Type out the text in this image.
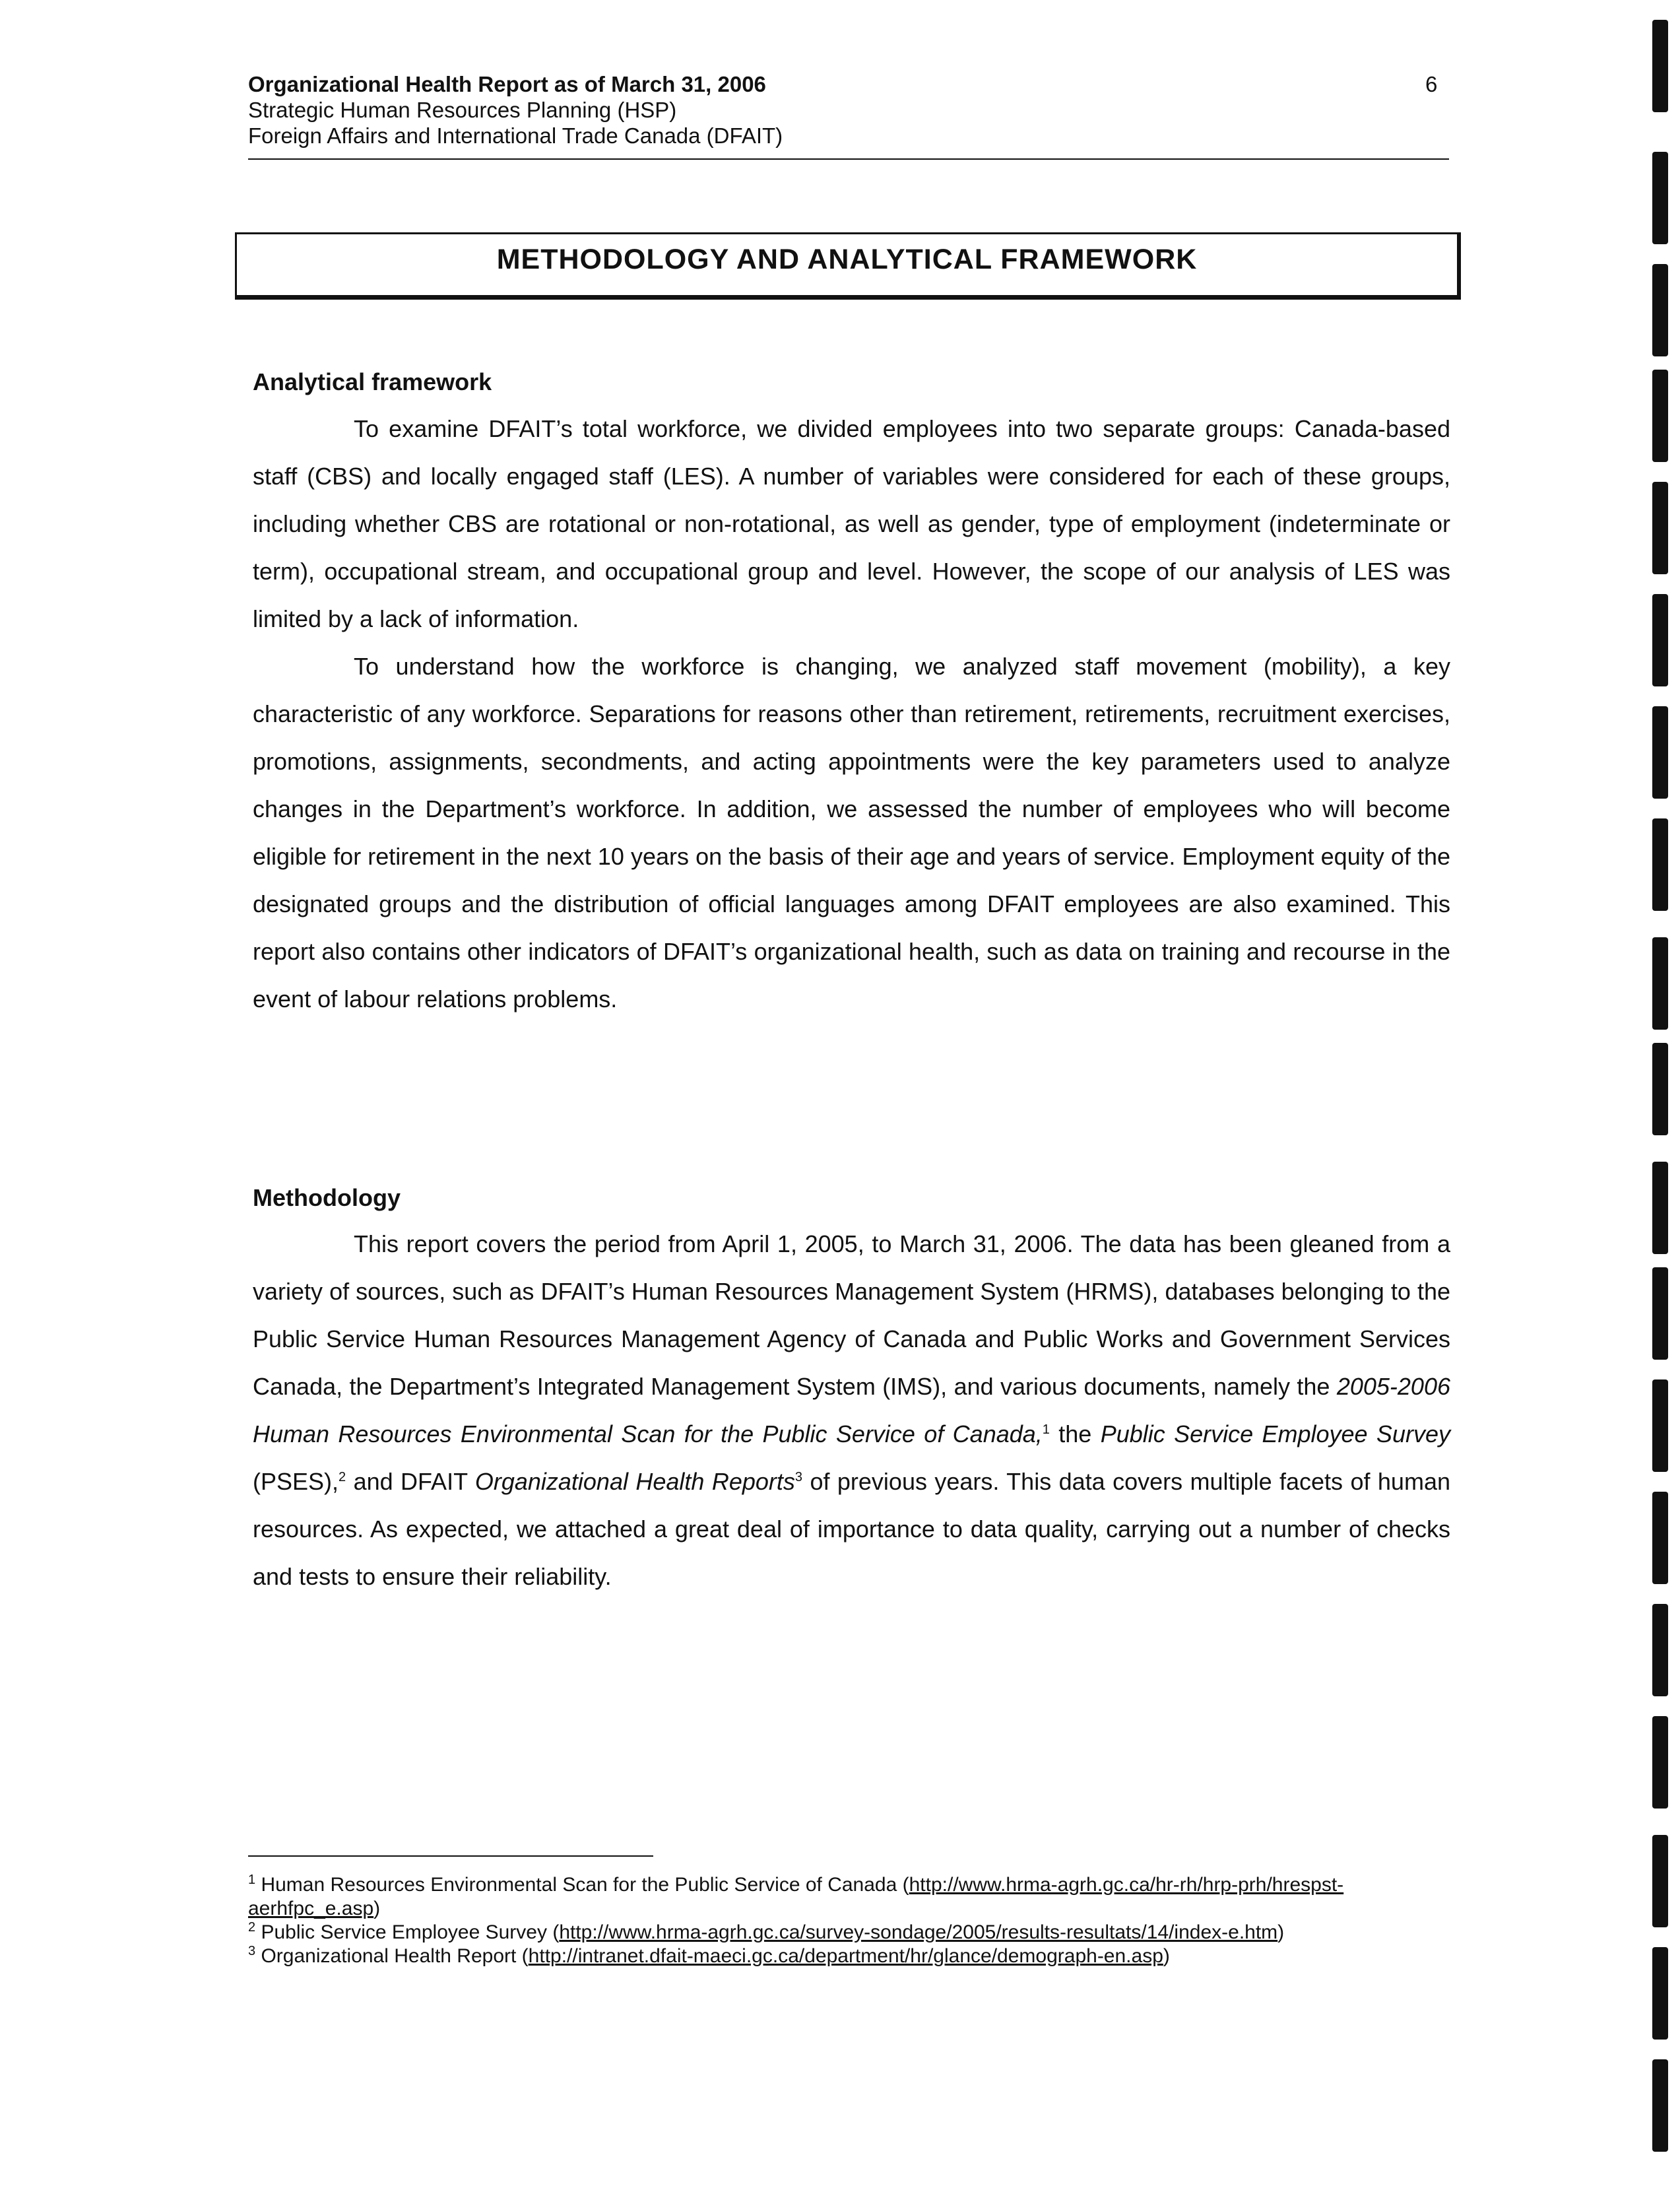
Organizational Health Report as of March 31, 2006
Strategic Human Resources Planning (HSP)
Foreign Affairs and International Trade Canada (DFAIT)
6
METHODOLOGY AND ANALYTICAL FRAMEWORK
Analytical framework

To examine DFAIT’s total workforce, we divided employees into two separate groups: Canada-based staff (CBS) and locally engaged staff (LES). A number of variables were considered for each of these groups, including whether CBS are rotational or non-rotational, as well as gender, type of employment (indeterminate or term), occupational stream, and occupational group and level. However, the scope of our analysis of LES was limited by a lack of information.

To understand how the workforce is changing, we analyzed staff movement (mobility), a key characteristic of any workforce. Separations for reasons other than retirement, retirements, recruitment exercises, promotions, assignments, secondments, and acting appointments were the key parameters used to analyze changes in the Department’s workforce. In addition, we assessed the number of employees who will become eligible for retirement in the next 10 years on the basis of their age and years of service. Employment equity of the designated groups and the distribution of official languages among DFAIT employees are also examined. This report also contains other indicators of DFAIT’s organizational health, such as data on training and recourse in the event of labour relations problems.

Methodology

This report covers the period from April 1, 2005, to March 31, 2006. The data has been gleaned from a variety of sources, such as DFAIT’s Human Resources Management System (HRMS), databases belonging to the Public Service Human Resources Management Agency of Canada and Public Works and Government Services Canada, the Department’s Integrated Management System (IMS), and various documents, namely the 2005-2006 Human Resources Environmental Scan for the Public Service of Canada,$^1$ the Public Service Employee Survey (PSES),$^2$ and DFAIT Organizational Health Reports$^3$ of previous years. This data covers multiple facets of human resources. As expected, we attached a great deal of importance to data quality, carrying out a number of checks and tests to ensure their reliability.

$^1$ Human Resources Environmental Scan for the Public Service of Canada (http://www.hrma-agrh.gc.ca/hr-rh/hrp-prh/hrespst-aerhfpc_e.asp)
$^2$ Public Service Employee Survey (http://www.hrma-agrh.gc.ca/survey-sondage/2005/results-resultats/14/index-e.htm)
$^3$ Organizational Health Report (http://intranet.dfait-maeci.gc.ca/department/hr/glance/demograph-en.asp)
